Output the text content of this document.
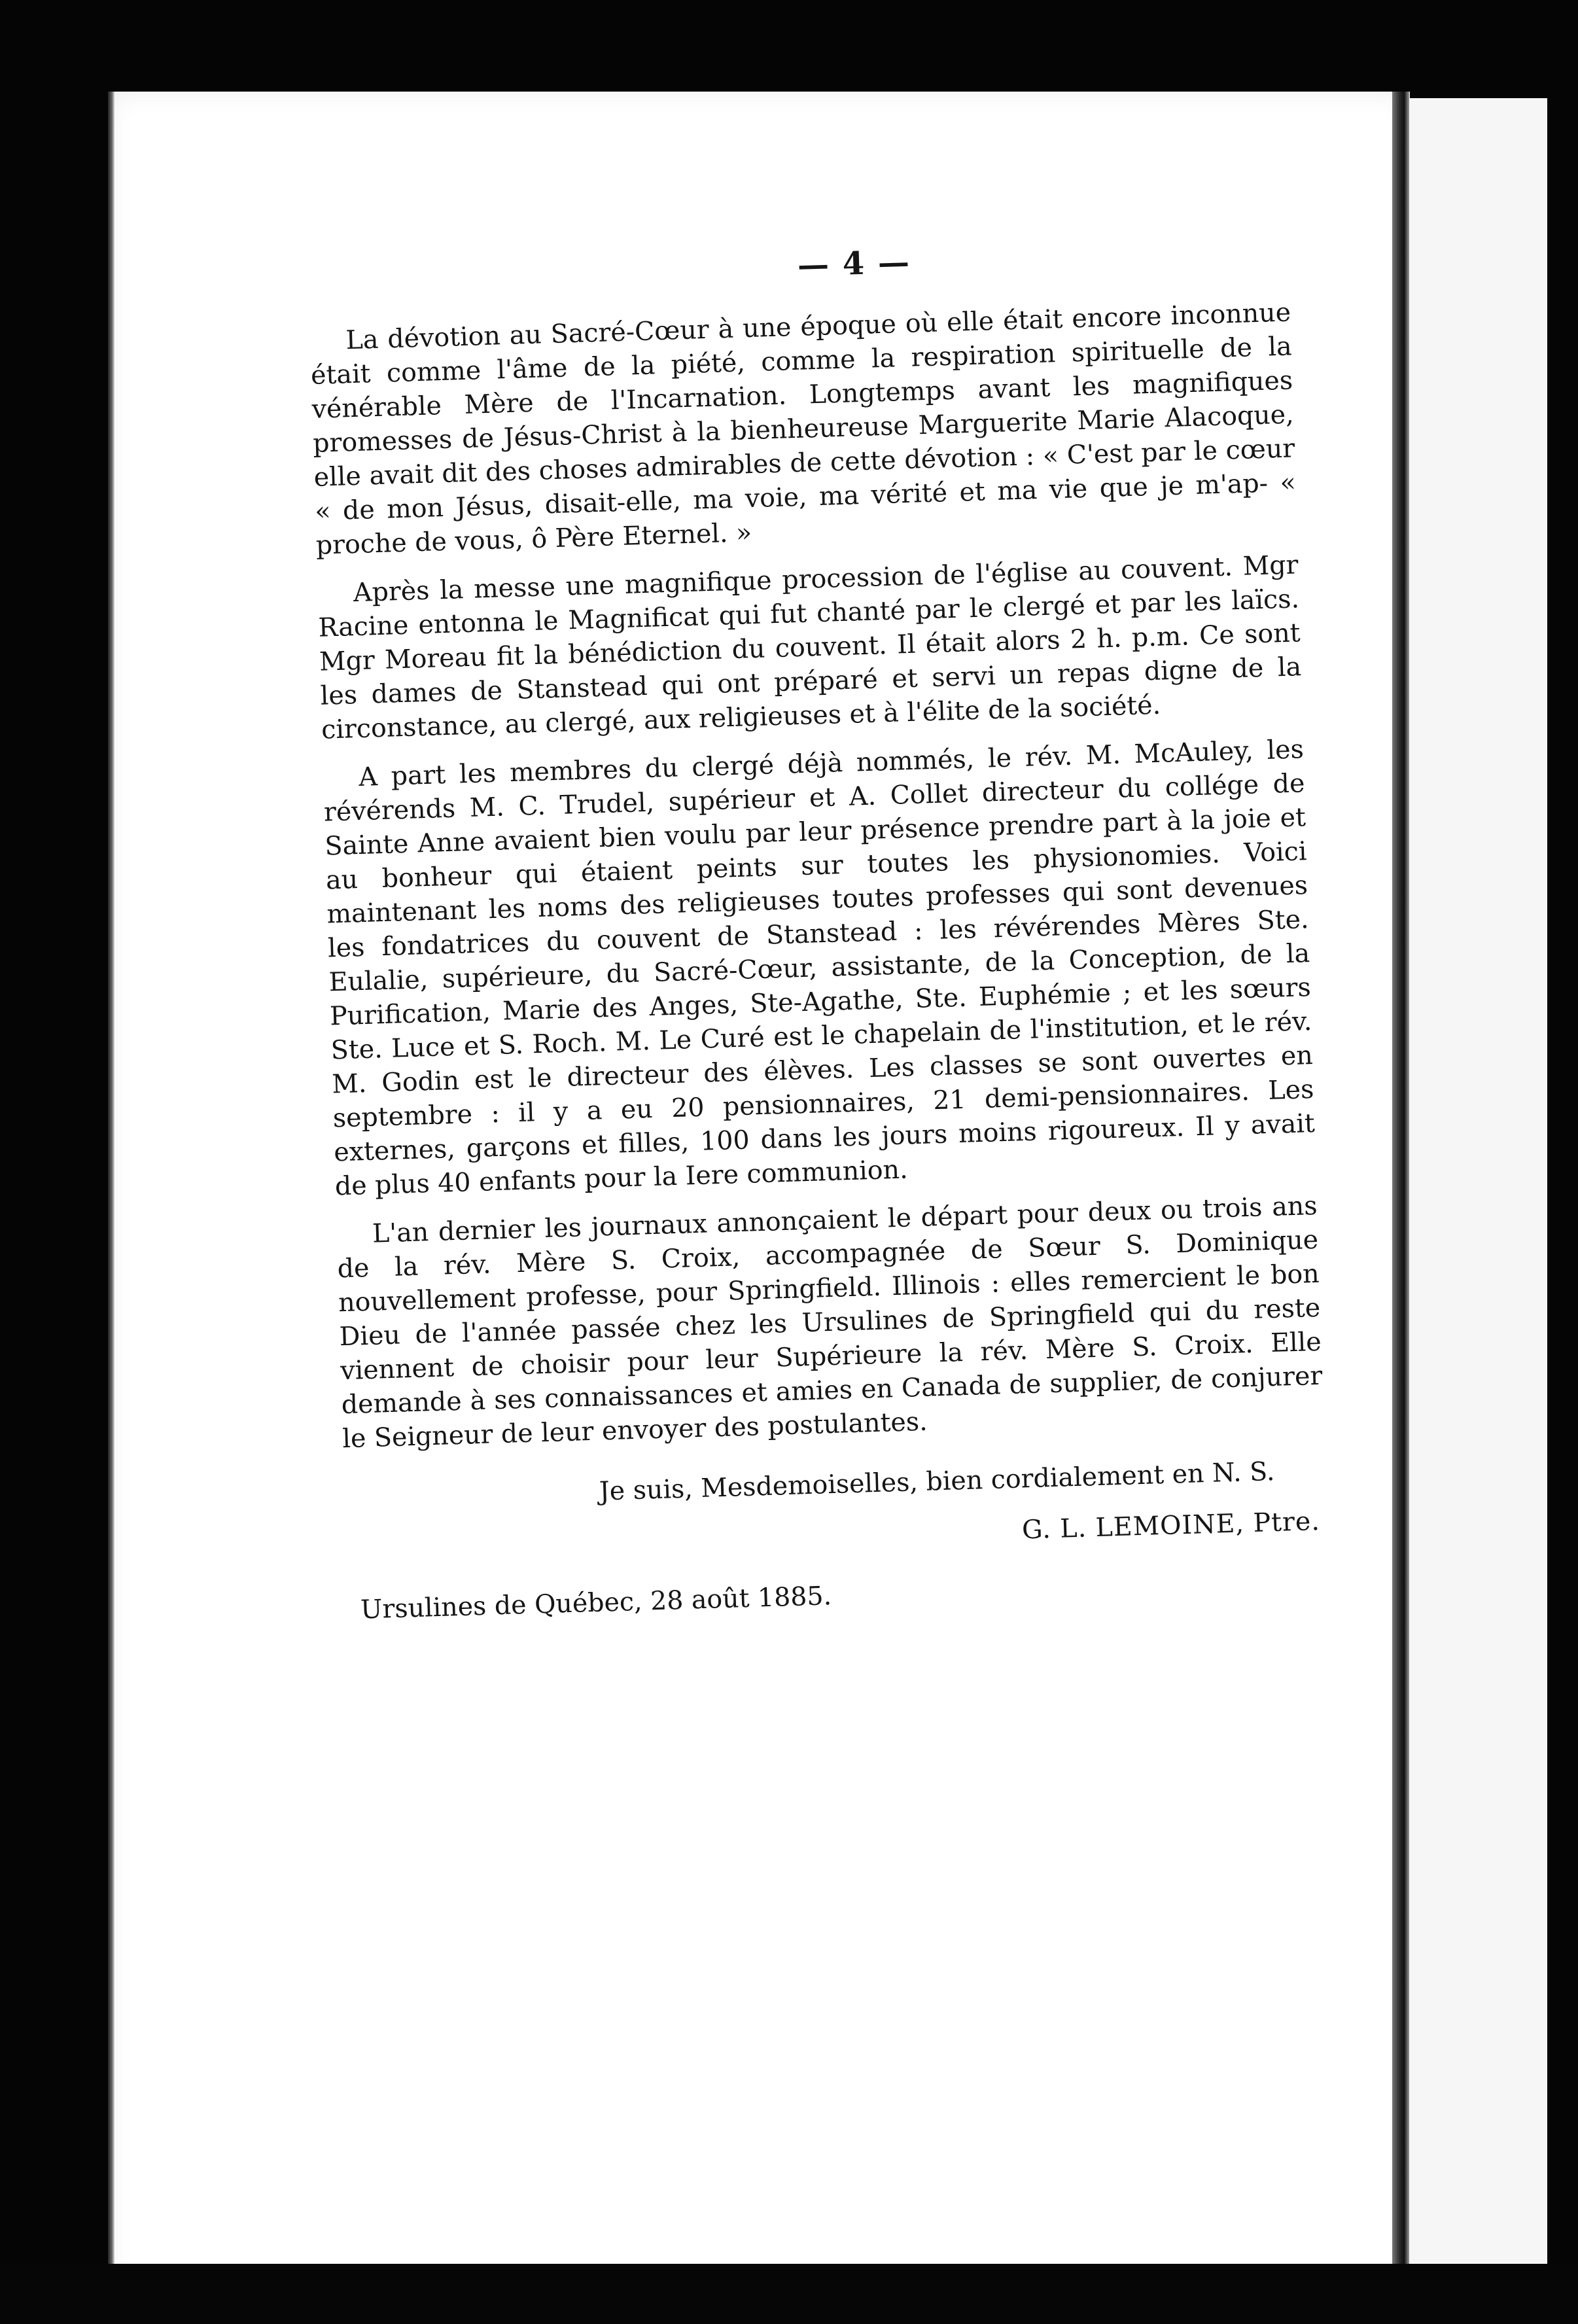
— 4 —

La dévotion au Sacré-Cœur à une époque où elle était encore inconnue était comme l'âme de la piété, comme la respiration spirituelle de la vénérable Mère de l'Incarnation. Longtemps avant les magnifiques promesses de Jésus-Christ à la bienheureuse Marguerite Marie Alacoque, elle avait dit des choses admirables de cette dévotion : « C'est par le cœur « de mon Jésus, disait-elle, ma voie, ma vérité et ma vie que je m'ap- « proche de vous, ô Père Eternel. »

Après la messe une magnifique procession de l'église au couvent. Mgr Racine entonna le Magnificat qui fut chanté par le clergé et par les laïcs. Mgr Moreau fit la bénédiction du couvent. Il était alors 2 h. p.m. Ce sont les dames de Stanstead qui ont préparé et servi un repas digne de la circonstance, au clergé, aux religieuses et à l'élite de la société.

A part les membres du clergé déjà nommés, le rév. M. McAuley, les révérends M. C. Trudel, supérieur et A. Collet directeur du collége de Sainte Anne avaient bien voulu par leur présence prendre part à la joie et au bonheur qui étaient peints sur toutes les physionomies. Voici maintenant les noms des religieuses toutes professes qui sont devenues les fondatrices du couvent de Stanstead : les révérendes Mères Ste. Eulalie, supérieure, du Sacré-Cœur, assistante, de la Conception, de la Purification, Marie des Anges, Ste-Agathe, Ste. Euphémie ; et les sœurs Ste. Luce et S. Roch. M. Le Curé est le chapelain de l'institution, et le rév. M. Godin est le directeur des élèves. Les classes se sont ouvertes en septembre : il y a eu 20 pensionnaires, 21 demi-pensionnaires. Les externes, garçons et filles, 100 dans les jours moins rigoureux. Il y avait de plus 40 enfants pour la Iere communion.

L'an dernier les journaux annonçaient le départ pour deux ou trois ans de la rév. Mère S. Croix, accompagnée de Sœur S. Dominique nouvellement professe, pour Springfield. Illinois : elles remercient le bon Dieu de l'année passée chez les Ursulines de Springfield qui du reste viennent de choisir pour leur Supérieure la rév. Mère S. Croix. Elle demande à ses connaissances et amies en Canada de supplier, de conjurer le Seigneur de leur envoyer des postulantes.

Je suis, Mesdemoiselles, bien cordialement en N. S.
G. L. LEMOINE, Ptre.
Ursulines de Québec, 28 août 1885.
